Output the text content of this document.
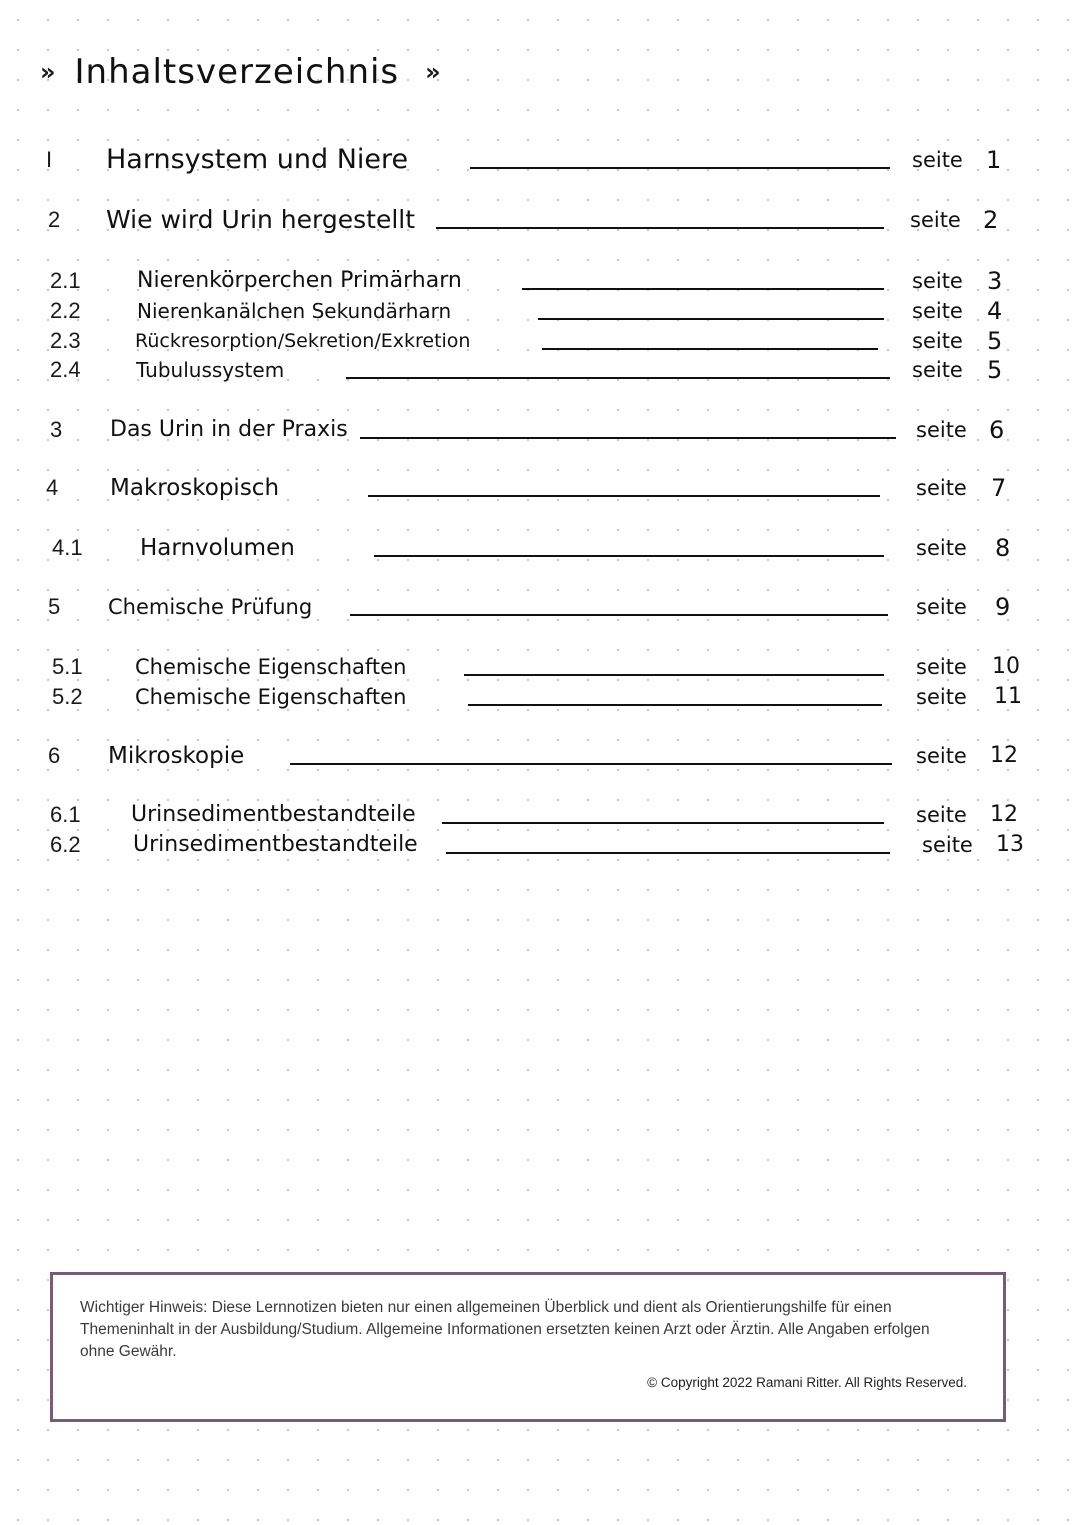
» Inhaltsverzeichnis »
I Harnsystem und Niere	seite 1
2 Wie wird Urin hergestellt	seite 2
2.1	Nierenkörperchen Primärharn	seite 3
2.2	Nierenkanälchen Sekundärharn	seite 4
2.3	Rückresorption/Sekretion/Exkretion	seite 5
2.4	Tubulussystem	seite 5
3 Das Urin in der Praxis	seite 6
4 Makroskopisch	seite 7
4.1 Harnvolumen	seite 8
5 Chemische Prüfung	seite 9
5.1 Chemische Eigenschaften	seite 10
5.2 Chemische Eigenschaften	seite 11
6 Mikroskopie	seite 12
6.1 Urinsedimentbestandteile	seite 12
6.2 Urinsedimentbestandteile	seite 13
Wichtiger Hinweis: Diese Lernnotizen bieten nur einen allgemeinen Überblick und dient als Orientierungshilfe für einen Themeninhalt in der Ausbildung/Studium. Allgemeine Informationen ersetzten keinen Arzt oder Ärztin. Alle Angaben erfolgen ohne Gewähr.
© Copyright 2022 Ramani Ritter. All Rights Reserved.
